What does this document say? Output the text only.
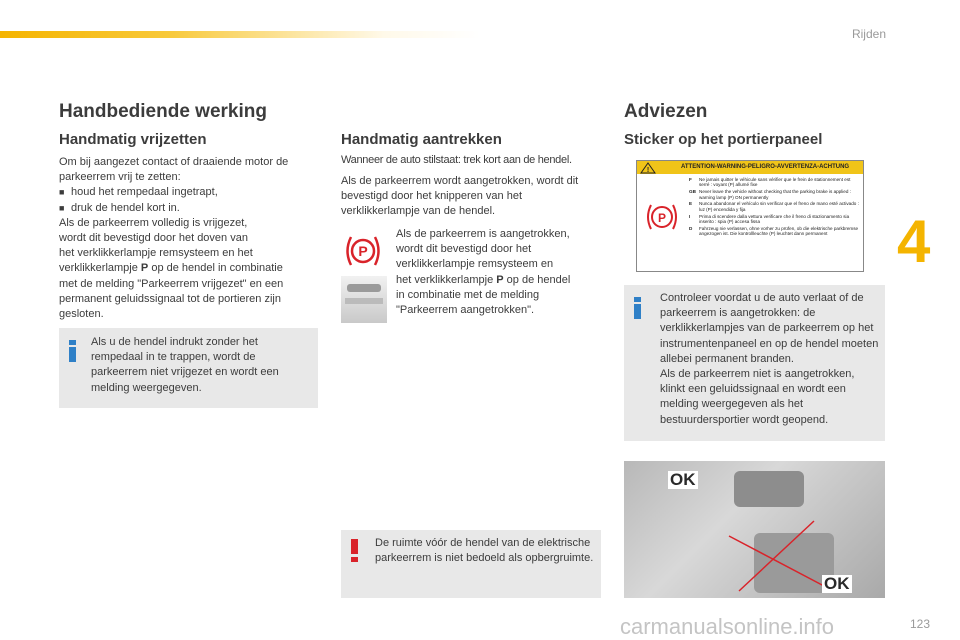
Rijden
4
Handbediende werking
Handmatig vrijzetten

Om bij aangezet contact of draaiende motor de parkeerrem vrij te zetten:

■ houd het rempedaal ingetrapt,

■ druk de hendel kort in.

Als de parkeerrem volledig is vrijgezet,

wordt dit bevestigd door het doven van

het verklikkerlampje remsysteem en het

verklikkerlampje P op de hendel in combinatie

met de melding "Parkeerrem vrijgezet" en een

permanent geluidssignaal tot de portieren zijn

gesloten.

Als u de hendel indrukt zonder het rempedaal in te trappen, wordt de parkeerrem niet vrijgezet en wordt een melding weergegeven.
Handmatig aantrekken
Wanneer de auto stilstaat: trek kort aan de hendel.
Als de parkeerrem wordt aangetrokken, wordt dit bevestigd door het knipperen van het verklikkerlampje van de hendel.
P

Als de parkeerrem is aangetrokken,

wordt dit bevestigd door het

verklikkerlampje remsysteem en

het verklikkerlampje P op de hendel

in combinatie met de melding

"Parkeerrem aangetrokken".

De ruimte vóór de hendel van de elektrische parkeerrem is niet bedoeld als opbergruimte.
Adviezen
Sticker op het portierpaneel
ATTENTION-WARNING-PELIGRO-AVVERTENZA-ACHTUNG
!
P
F	Ne jamais quitter le véhicule sans vérifier que le frein de stationnement est serré : voyant (P) allumé fixe
GB Never leave the vehicle without checking that the parking brake is applied : warning lamp (P) ON permanently
E	Nunca abandonar el vehículo sin verificar que el freno de mano esté activado : luz (P) encendida y fija
I	Prima di scendere dalla vettura verificare che il freno di stazionamento sia inserito : spia (P) accesa fissa
D	Fahrzeug nie verlassen, ohne vorher zu prüfen, ob die elektrische parkbremse angezogen ist. Die kontrollleuchte (P) leuchtet dann permanent
Controleer voordat u de auto verlaat of de parkeerrem is aangetrokken: de verklikkerlampjes van de parkeerrem op het instrumentenpaneel en op de hendel moeten allebei permanent branden.
Als de parkeerrem niet is aangetrokken, klinkt een geluidssignaal en wordt een melding weergegeven als het bestuurdersportier wordt geopend.
OK
OK
123
carmanualsonline.info
